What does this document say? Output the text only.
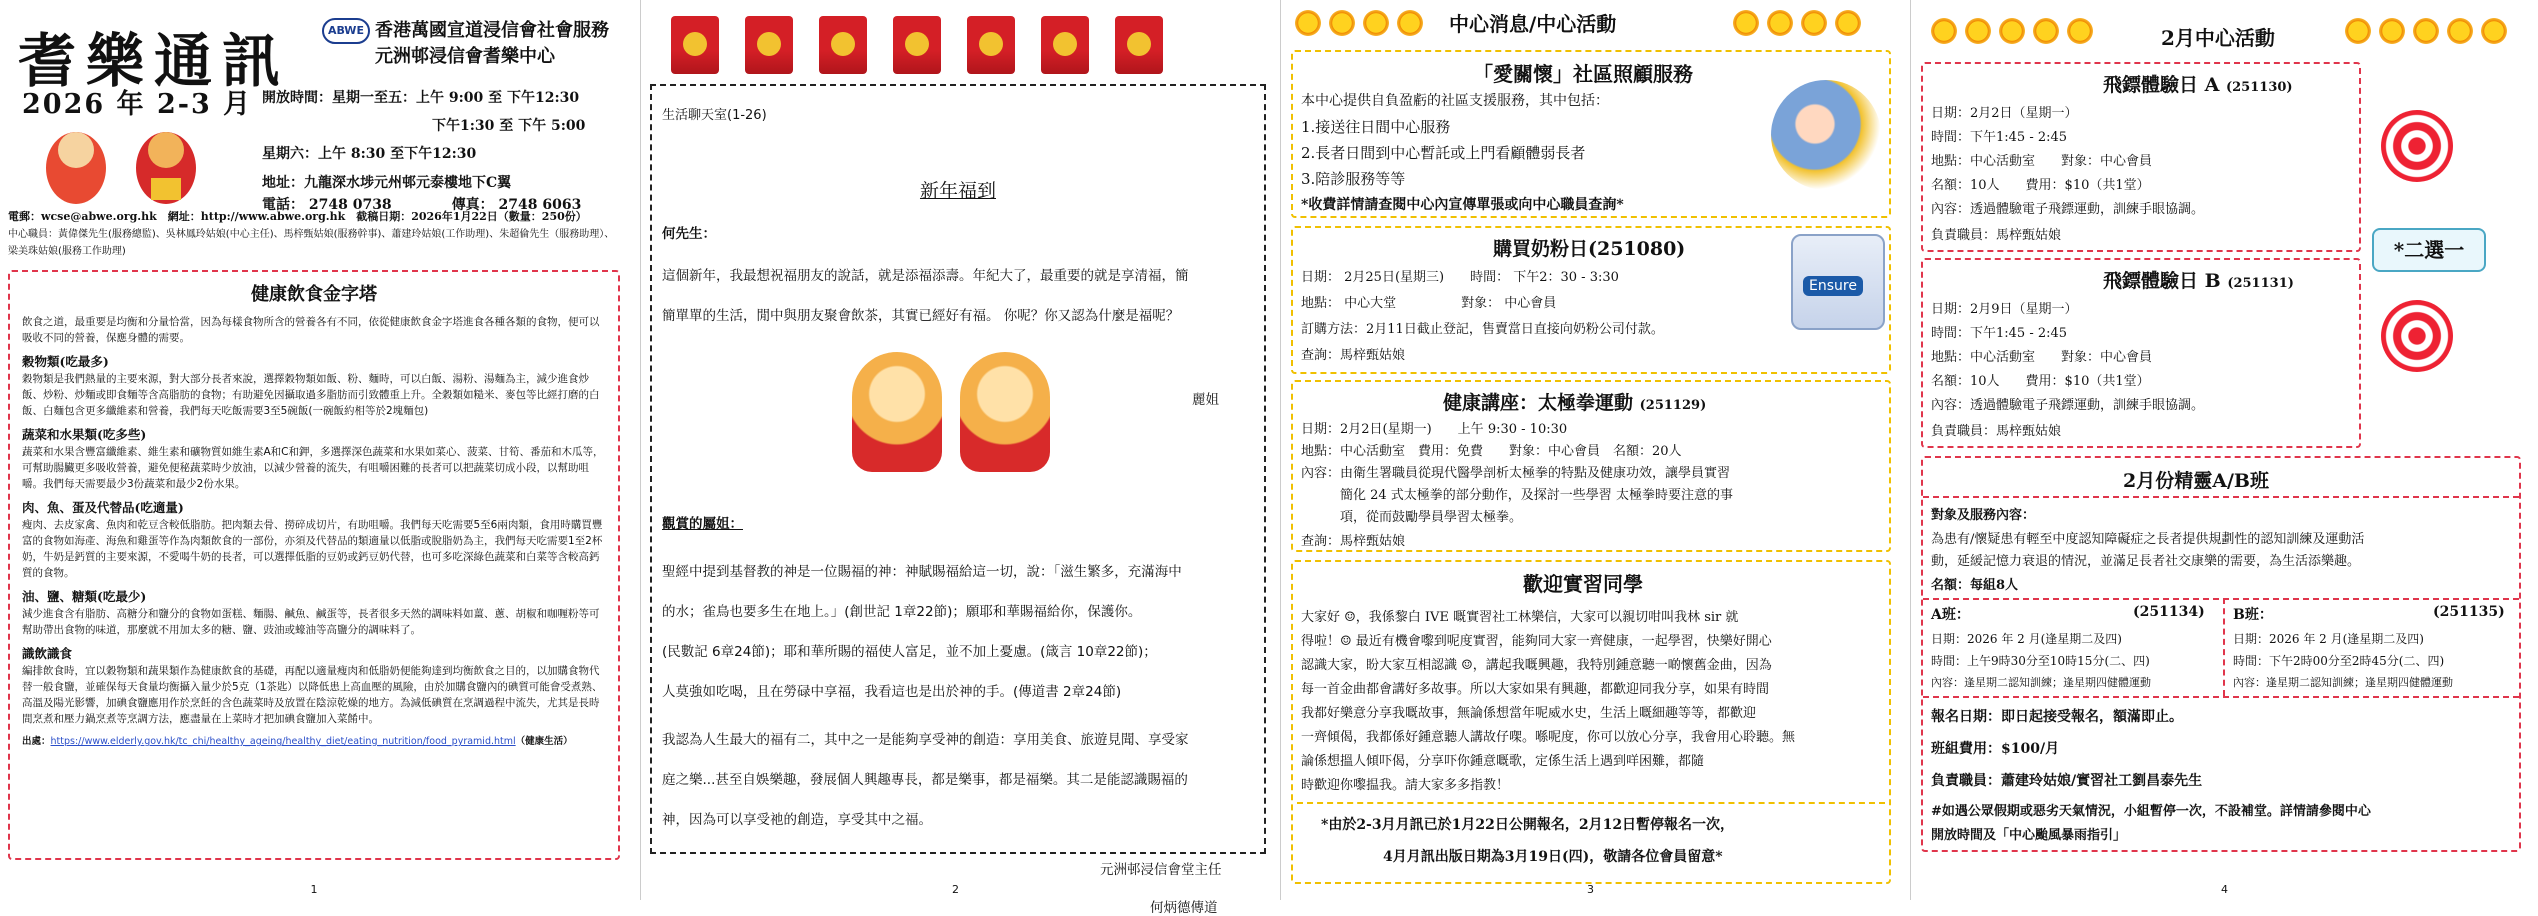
耆樂通訊
2026 年 2-3 月
ABWE 香港萬國宣道浸信會社會服務
元洲邨浸信會耆樂中心
開放時間：星期一至五：上午 9:00 至 下午12:30
下午1:30 至 下午 5:00
星期六：上午 8:30 至下午12:30
地址：九龍深水埗元州邨元泰樓地下C翼
電話： 2748 0738	傳真： 2748 6063
電郵：wcse@abwe.org.hk　網址：http://www.abwe.org.hk　截稿日期：2026年1月22日（數量：250份）
中心職員：黃偉傑先生(服務總監)、吳林鳳玲姑娘(中心主任)、馬梓甄姑娘(服務幹事)、蕭建玲姑娘(工作助理)、朱超倫先生（服務助理）、梁美珠姑娘(服務工作助理)
健康飲食金字塔

飲食之道，最重要是均衡和分量恰當，因為每樣食物所含的營養各有不同，依從健康飲食金字塔進食各種各類的食物，便可以吸收不同的營養，保應身體的需要。

穀物類(吃最多)

穀物類是我們熱量的主要來源，對大部分長者來說，選擇穀物類如飯、粉、麵時，可以白飯、湯粉、湯麵為主，減少進食炒飯、炒粉、炒麵或即食麵等含高脂肪的食物；有助避免因攝取過多脂肪而引致體重上升。全穀類如糙米、麥包等比經打磨的白飯、白麵包含更多纖維素和營養，我們每天吃飯需要3至5碗飯(一碗飯約相等於2塊麵包)

蔬菜和水果類(吃多些)

蔬菜和水果含豐富纖維素、維生素和礦物質如維生素A和C和鉀，多選擇深色蔬菜和水果如菜心、菠菜、甘筍、番茄和木瓜等，可幫助腸臟更多吸收營養，避免便秘蔬菜時少放油，以減少營養的流失，有咀嚼困難的長者可以把蔬菜切成小段，以幫助咀嚼。我們每天需要最少3份蔬菜和最少2份水果。

肉、魚、蛋及代替品(吃適量)

瘦肉、去皮家禽、魚肉和乾豆含較低脂肪。把肉類去骨、撈碎成切片，有助咀嚼。我們每天吃需要5至6兩肉類，食用時購買豐富的食物如海產、海魚和雞蛋等作為肉類飲食的一部份，亦須及代替品的類適量以低脂或脫脂奶為主，我們每天吃需要1至2杯奶，牛奶是鈣質的主要來源，不愛喝牛奶的長者，可以選擇低脂的豆奶或鈣豆奶代替，也可多吃深綠色蔬菜和白菜等含較高鈣質的食物。

油、鹽、糖類(吃最少)

減少進食含有脂肪、高糖分和鹽分的食物如蛋糕、麵腸、鹹魚、鹹蛋等，長者很多天然的調味料如薑、蔥、胡椒和咖喱粉等可幫助帶出食物的味道，那麼就不用加太多的糖、鹽、豉油或蠔油等高鹽分的調味料了。

識飲識食

編排飲食時，宜以穀物類和蔬果類作為健康飲食的基礎，再配以適量瘦肉和低脂奶便能夠達到均衡飲食之目的，以加購食物代替一般食鹽，並確保每天食量均衡攝入量少於5克（1茶匙）以降低患上高血壓的風險，由於加購食鹽內的碘質可能會受煮熟、高溫及陽光影響，加碘食鹽應用作於烹飪的含色蔬菜時及放置在陰涼乾燥的地方。為減低碘質在烹調過程中流失，尤其是長時間烹煮和壓力鍋烹煮等烹調方法，應盡量在上菜時才把加碘食鹽加入菜餚中。

出處：https://www.elderly.gov.hk/tc_chi/healthy_ageing/healthy_diet/eating_nutrition/food_pyramid.html（健康生活）
1	2
生活聊天室(1-26)
新年福到
何先生：
這個新年，我最想祝福朋友的說話，就是添福添壽。年紀大了，最重要的就是享清福，簡
簡單單的生活，閒中與朋友聚會飲茶，其實已經好有福。 你呢？你又認為什麼是福呢？
麗姐
觀賞的屬姐：
聖經中提到基督教的神是一位賜福的神：神賦賜福給這一切，說：「滋生繁多，充滿海中
的水；雀鳥也要多生在地上。」(創世記 1章22節)；願耶和華賜福給你，保護你。
(民數記 6章24節)；耶和華所賜的福使人富足，並不加上憂慮。(箴言 10章22節)；
人莫強如吃喝，且在勞碌中享福，我看這也是出於神的手。(傳道書 2章24節)
我認為人生最大的福有二，其中之一是能夠享受神的創造：享用美食、旅遊見聞、享受家
庭之樂...甚至自娛樂趣，發展個人興趣專長，都是樂事，都是福樂。其二是能認識賜福的
神，因為可以享受祂的創造，享受其中之福。
元洲邨浸信會堂主任
何炳德傳道
中心消息/中心活動
「愛關懷」社區照顧服務
本中心提供自負盈虧的社區支援服務，其中包括：
1.接送往日間中心服務
2.長者日間到中心暫託或上門看顧體弱長者
3.陪診服務等等
*收費詳情請查閱中心內宣傳單張或向中心職員查詢*
購買奶粉日(251080)
日期： 2月25日(星期三)　　時間： 下午2：30 - 3:30
地點： 中心大堂　　　　　對象： 中心會員
訂購方法：2月11日截止登記，售賣當日直接向奶粉公司付款。
查詢：馬梓甄姑娘
Ensure
健康講座：太極拳運動 (251129)
日期：2月2日(星期一)　　上午 9:30 - 10:30
地點：中心活動室　費用：免費　　對象：中心會員　名額：20人
內容：由衛生署職員從現代醫學剖析太極拳的特點及健康功效，讓學員實習
　　　簡化 24 式太極拳的部分動作，及探討一些學習 太極拳時要注意的事
　　　項，從而鼓勵學員學習太極拳。
查詢：馬梓甄姑娘
歡迎實習同學
大家好 ☺，我係黎白 IVE 嘅實習社工林樂信，大家可以親切咁叫我林 sir 就
得啦！☺ 最近有機會嚟到呢度實習，能夠同大家一齊健康，一起學習，快樂好開心
認識大家，盼大家互相認識 ☺，講起我嘅興趣，我特別鍾意聽一啲懷舊金曲，因為
每一首金曲都會講好多故事。所以大家如果有興趣，都歡迎同我分享，如果有時間
我都好樂意分享我嘅故事，無論係想當年呢威水史，生活上嘅細趣等等，都歡迎
一齊傾偈，我都係好鍾意聽人講故仔㗎。喺呢度，你可以放心分享，我會用心聆聽。無
論係想搵人傾吓偈，分享吓你鍾意嘅歌，定係生活上遇到咩困難，都隨
時歡迎你嚟揾我。請大家多多指教！
*由於2-3月月訊已於1月22日公開報名，2月12日暫停報名一次，
4月月訊出版日期為3月19日(四)，敬請各位會員留意*
3
2月中心活動
飛鏢體驗日 A (251130)
日期：2月2日（星期一）
時間：下午1:45 - 2:45
地點：中心活動室　　對象：中心會員
名額：10人　　費用：$10（共1堂）
內容：透過體驗電子飛鏢運動，訓練手眼協調。
負責職員：馬梓甄姑娘
飛鏢體驗日 B (251131)
日期：2月9日（星期一）
時間：下午1:45 - 2:45
地點：中心活動室　　對象：中心會員
名額：10人　　費用：$10（共1堂）
內容：透過體驗電子飛鏢運動，訓練手眼協調。
負責職員：馬梓甄姑娘
2月份精靈A/B班
對象及服務內容：
為患有/懷疑患有輕至中度認知障礙症之長者提供規劃性的認知訓練及運動活
動，延緩記憶力衰退的情況，並滿足長者社交康樂的需要，為生活添樂趣。
名額：每組8人
A班：	(251134)
日期：2026 年 2 月(逢星期二及四)
時間：上午9時30分至10時15分(二、四)
內容：逢星期二認知訓練；逢星期四健體運動
B班：	(251135)
日期：2026 年 2 月(逢星期二及四)
時間：下午2時00分至2時45分(二、四)
內容：逢星期二認知訓練；逢星期四健體運動
報名日期：即日起接受報名，額滿即止。
班組費用：$100/月
負責職員：蕭建玲姑娘/實習社工劉昌泰先生
#如遇公眾假期或惡劣天氣情況，小組暫停一次，不設補堂。詳情請參閱中心
開放時間及「中心颱風暴雨指引」
4
*二選一
